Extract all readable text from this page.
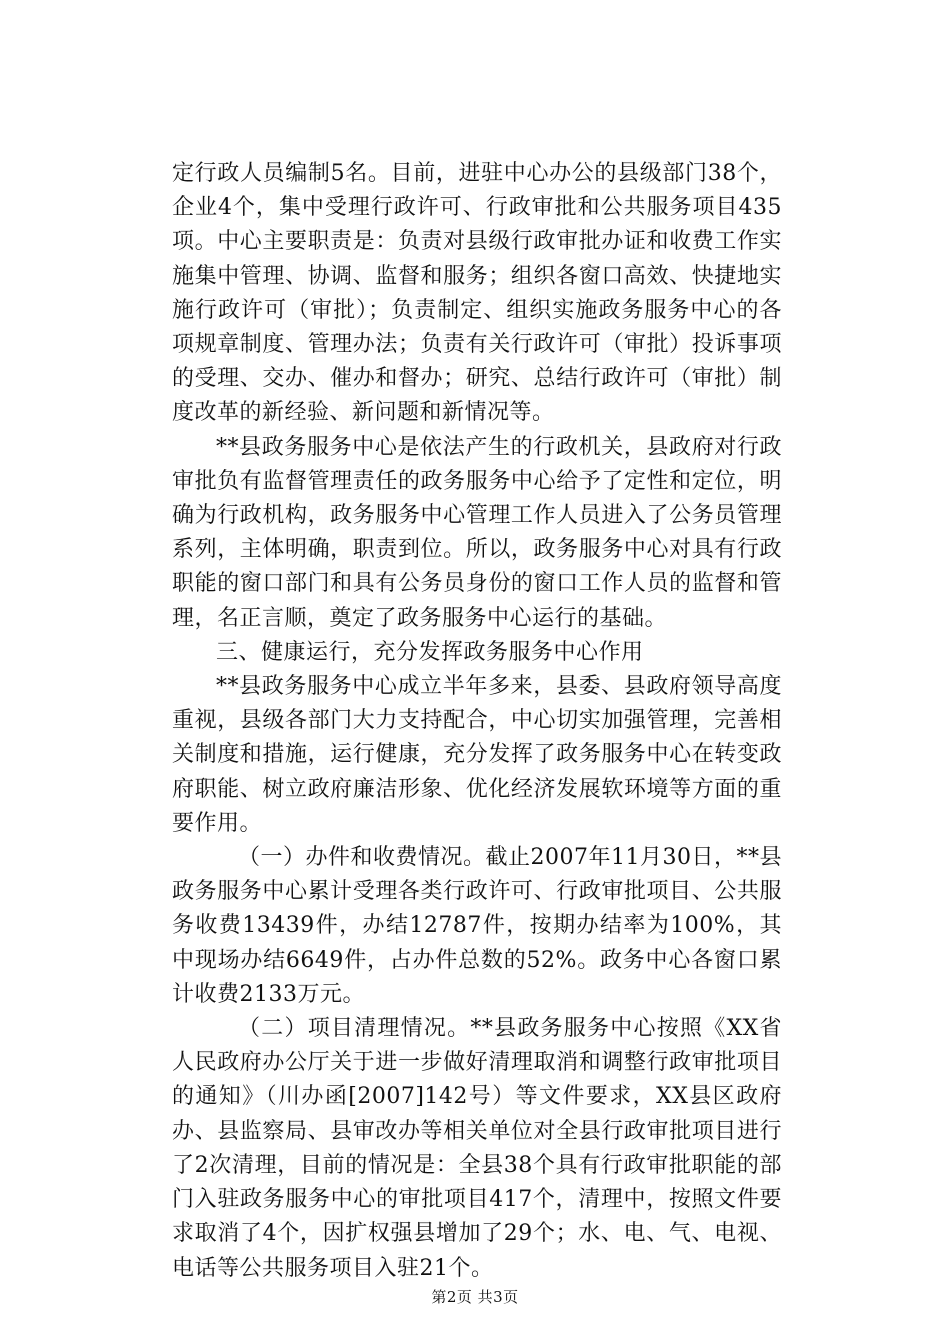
定行政人员编制5名。目前，进驻中心办公的县级部门38个，企业4个，集中受理行政许可、行政审批和公共服务项目435项。中心主要职责是：负责对县级行政审批办证和收费工作实施集中管理、协调、监督和服务；组织各窗口高效、快捷地实施行政许可（审批）；负责制定、组织实施政务服务中心的各项规章制度、管理办法；负责有关行政许可（审批）投诉事项的受理、交办、催办和督办；研究、总结行政许可（审批）制度改革的新经验、新问题和新情况等。

**县政务服务中心是依法产生的行政机关，县政府对行政审批负有监督管理责任的政务服务中心给予了定性和定位，明确为行政机构，政务服务中心管理工作人员进入了公务员管理系列，主体明确，职责到位。所以，政务服务中心对具有行政职能的窗口部门和具有公务员身份的窗口工作人员的监督和管理，名正言顺，奠定了政务服务中心运行的基础。

三、健康运行，充分发挥政务服务中心作用

**县政务服务中心成立半年多来，县委、县政府领导高度重视，县级各部门大力支持配合，中心切实加强管理，完善相关制度和措施，运行健康，充分发挥了政务服务中心在转变政府职能、树立政府廉洁形象、优化经济发展软环境等方面的重要作用。

（一）办件和收费情况。截止2007年11月30日，**县政务服务中心累计受理各类行政许可、行政审批项目、公共服务收费13439件，办结12787件，按期办结率为100%，其中现场办结6649件，占办件总数的52%。政务中心各窗口累计收费2133万元。

（二）项目清理情况。**县政务服务中心按照《XX省人民政府办公厅关于进一步做好清理取消和调整行政审批项目的通知》（川办函[2007]142号）等文件要求，XX县区政府办、县监察局、县审改办等相关单位对全县行政审批项目进行了2次清理，目前的情况是：全县38个具有行政审批职能的部门入驻政务服务中心的审批项目417个，清理中，按照文件要求取消了4个，因扩权强县增加了29个；水、电、气、电视、电话等公共服务项目入驻21个。

第2页 共3页
